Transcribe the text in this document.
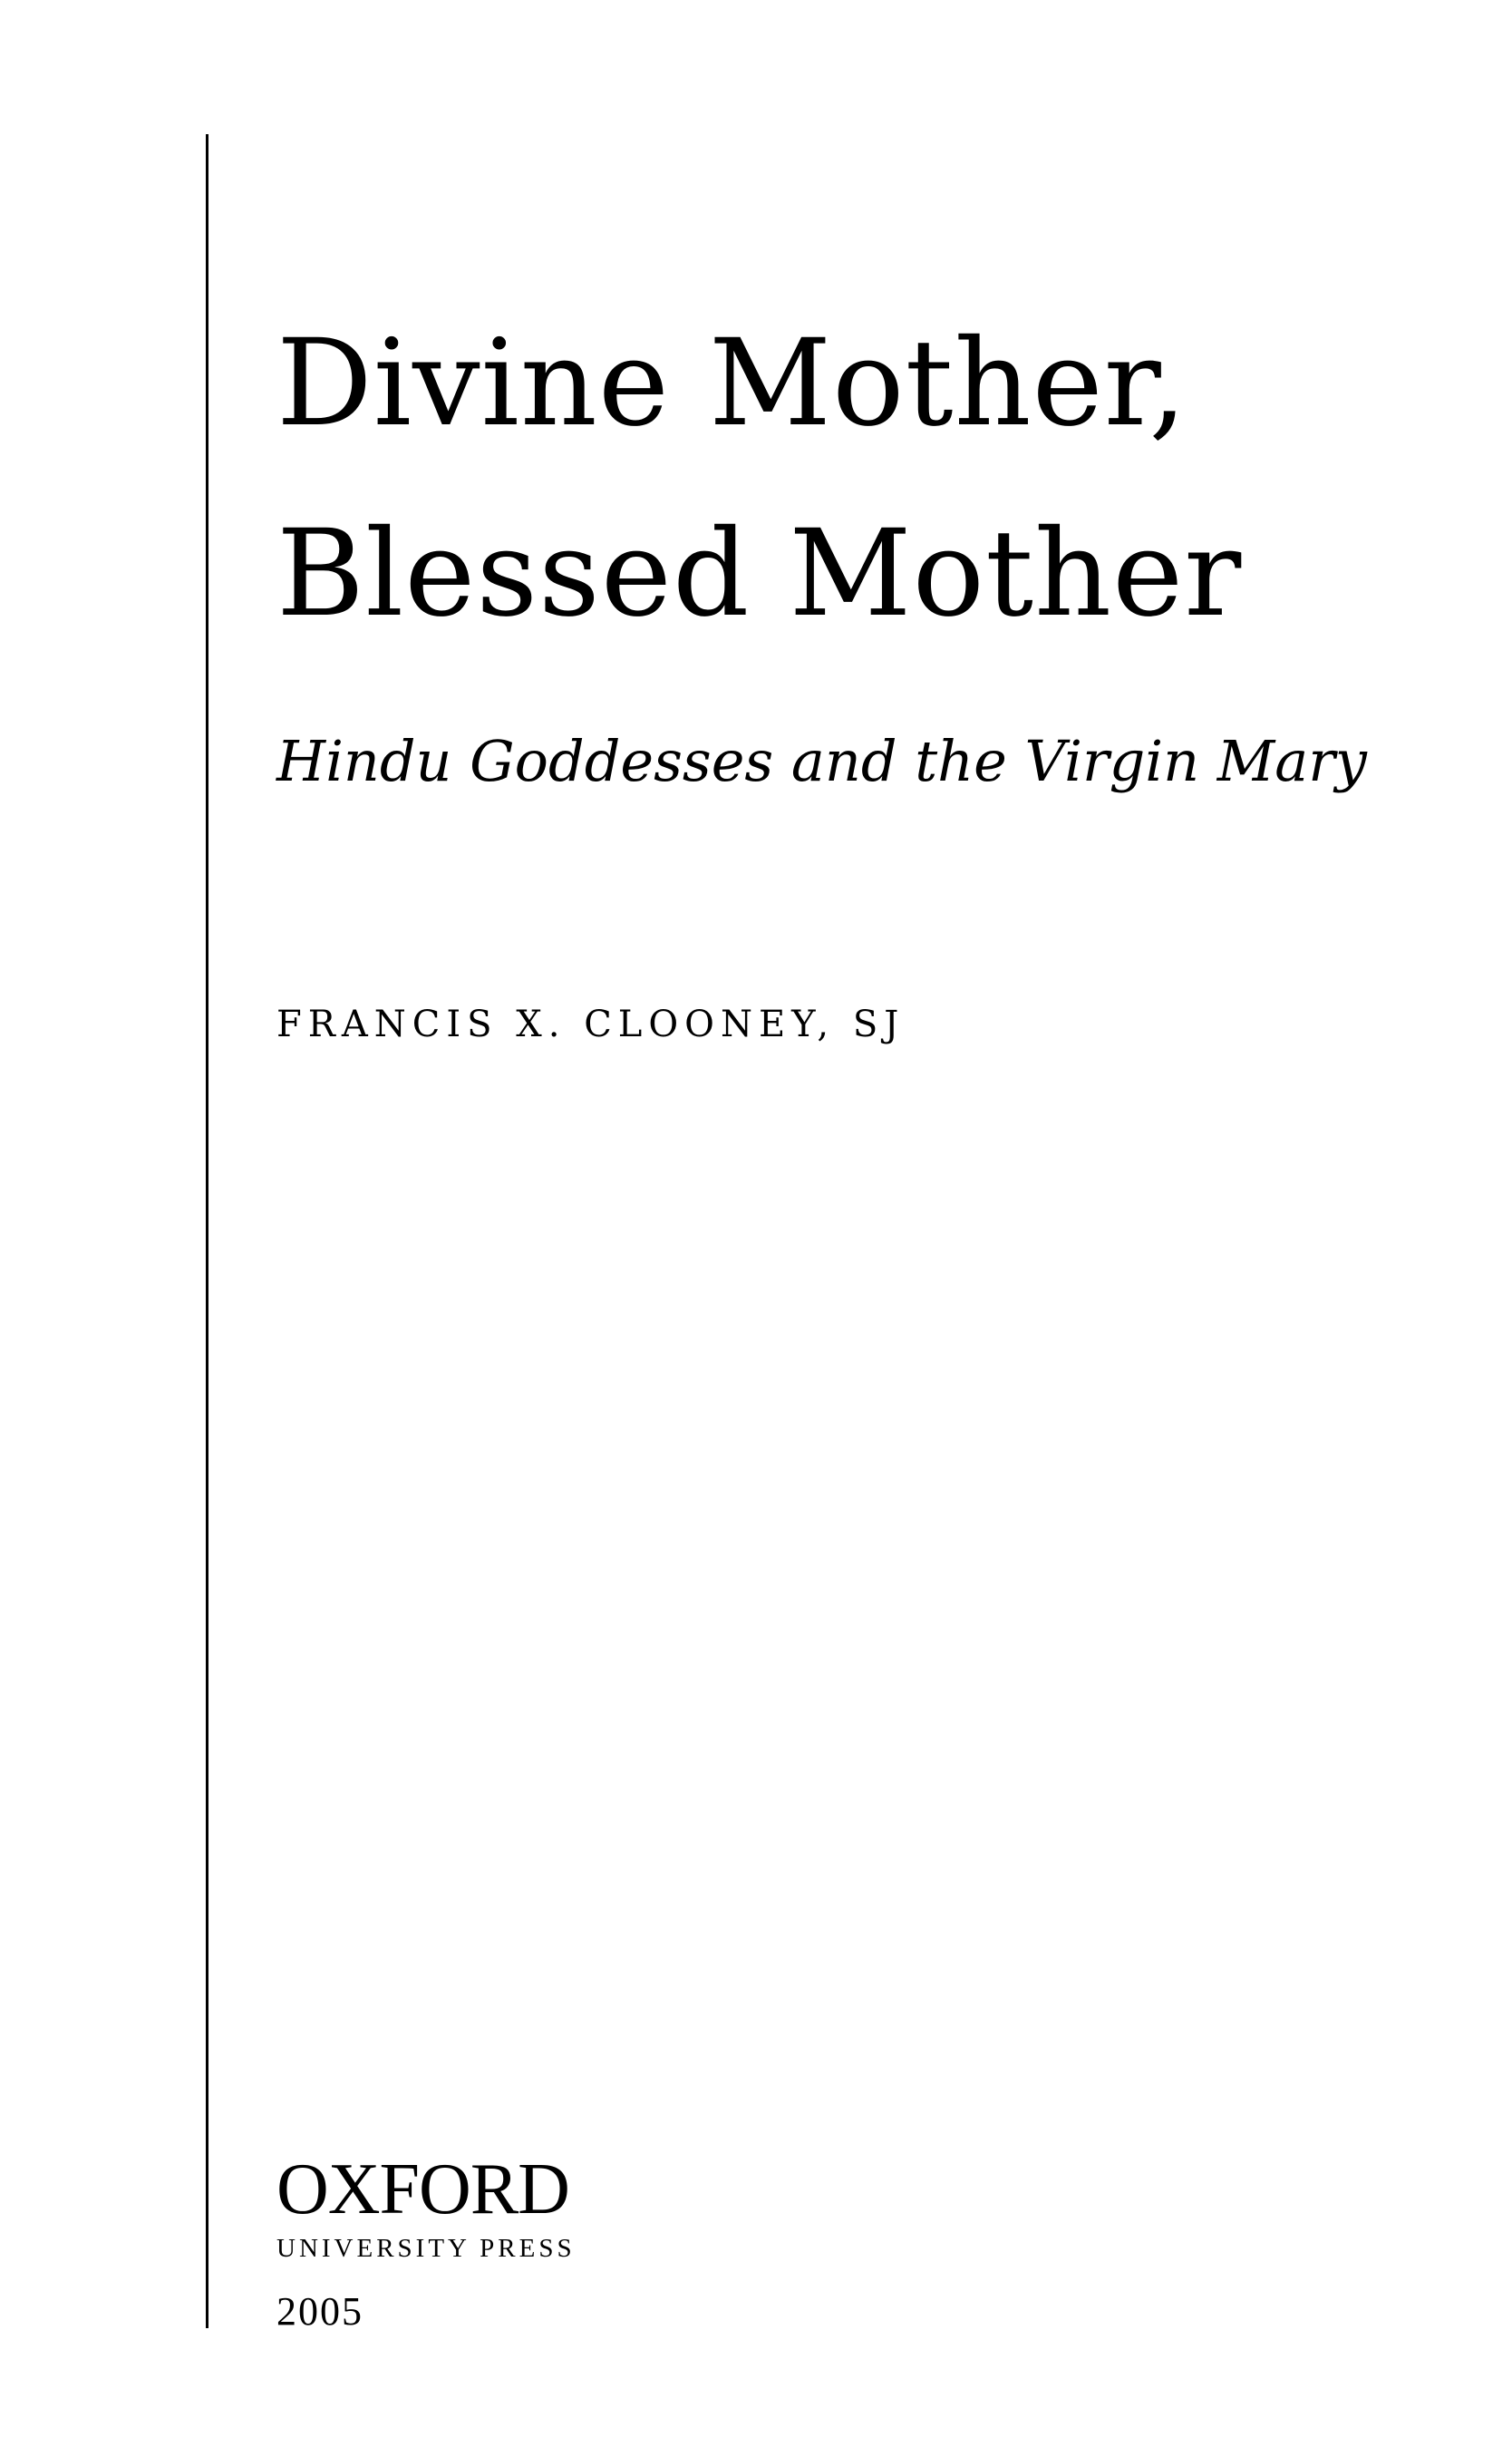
Divine Mother,
Blessed Mother
Hindu Goddesses and the Virgin Mary
FRANCIS X. CLOONEY, SJ
OXFORD
UNIVERSITY PRESS
2005
